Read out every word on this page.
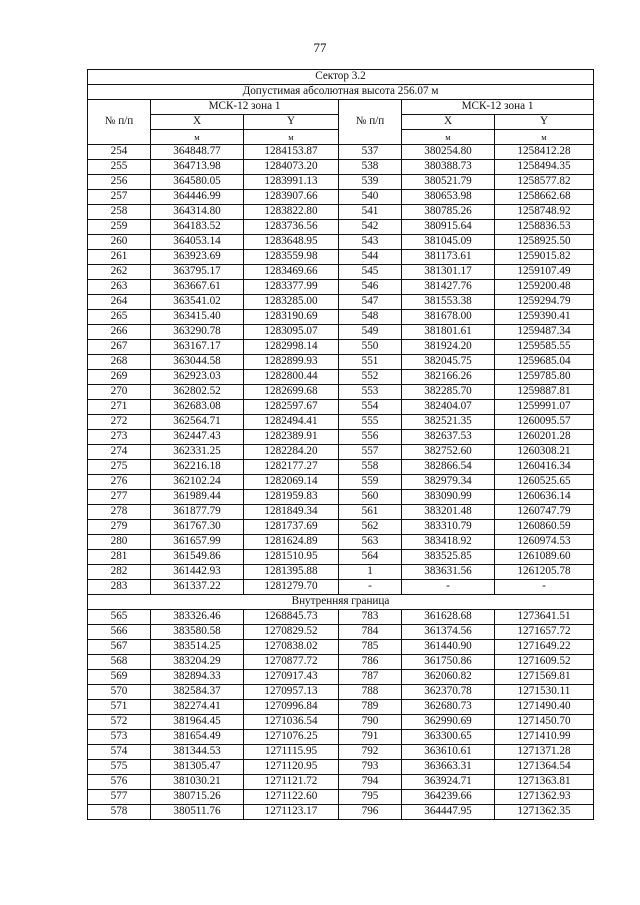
77
Сектор 3.2					
Допустимая абсолютная высота 256.07 м					
№ п/п	МСК-12 зона 1		№ п/п	МСК-12 зона 1	
	X	Y		X	Y
	м	м		м	м
254	364848.77	1284153.87	537	380254.80	1258412.28
255	364713.98	1284073.20	538	380388.73	1258494.35
256	364580.05	1283991.13	539	380521.79	1258577.82
257	364446.99	1283907.66	540	380653.98	1258662.68
258	364314.80	1283822.80	541	380785.26	1258748.92
259	364183.52	1283736.56	542	380915.64	1258836.53
260	364053.14	1283648.95	543	381045.09	1258925.50
261	363923.69	1283559.98	544	381173.61	1259015.82
262	363795.17	1283469.66	545	381301.17	1259107.49
263	363667.61	1283377.99	546	381427.76	1259200.48
264	363541.02	1283285.00	547	381553.38	1259294.79
265	363415.40	1283190.69	548	381678.00	1259390.41
266	363290.78	1283095.07	549	381801.61	1259487.34
267	363167.17	1282998.14	550	381924.20	1259585.55
268	363044.58	1282899.93	551	382045.75	1259685.04
269	362923.03	1282800.44	552	382166.26	1259785.80
270	362802.52	1282699.68	553	382285.70	1259887.81
271	362683.08	1282597.67	554	382404.07	1259991.07
272	362564.71	1282494.41	555	382521.35	1260095.57
273	362447.43	1282389.91	556	382637.53	1260201.28
274	362331.25	1282284.20	557	382752.60	1260308.21
275	362216.18	1282177.27	558	382866.54	1260416.34
276	362102.24	1282069.14	559	382979.34	1260525.65
277	361989.44	1281959.83	560	383090.99	1260636.14
278	361877.79	1281849.34	561	383201.48	1260747.79
279	361767.30	1281737.69	562	383310.79	1260860.59
280	361657.99	1281624.89	563	383418.92	1260974.53
281	361549.86	1281510.95	564	383525.85	1261089.60
282	361442.93	1281395.88	1	383631.56	1261205.78
283	361337.22	1281279.70	-	-	-
Внутренняя граница					
565	383326.46	1268845.73	783	361628.68	1273641.51
566	383580.58	1270829.52	784	361374.56	1271657.72
567	383514.25	1270838.02	785	361440.90	1271649.22
568	383204.29	1270877.72	786	361750.86	1271609.52
569	382894.33	1270917.43	787	362060.82	1271569.81
570	382584.37	1270957.13	788	362370.78	1271530.11
571	382274.41	1270996.84	789	362680.73	1271490.40
572	381964.45	1271036.54	790	362990.69	1271450.70
573	381654.49	1271076.25	791	363300.65	1271410.99
574	381344.53	1271115.95	792	363610.61	1271371.28
575	381305.47	1271120.95	793	363663.31	1271364.54
576	381030.21	1271121.72	794	363924.71	1271363.81
577	380715.26	1271122.60	795	364239.66	1271362.93
578	380511.76	1271123.17	796	364447.95	1271362.35
